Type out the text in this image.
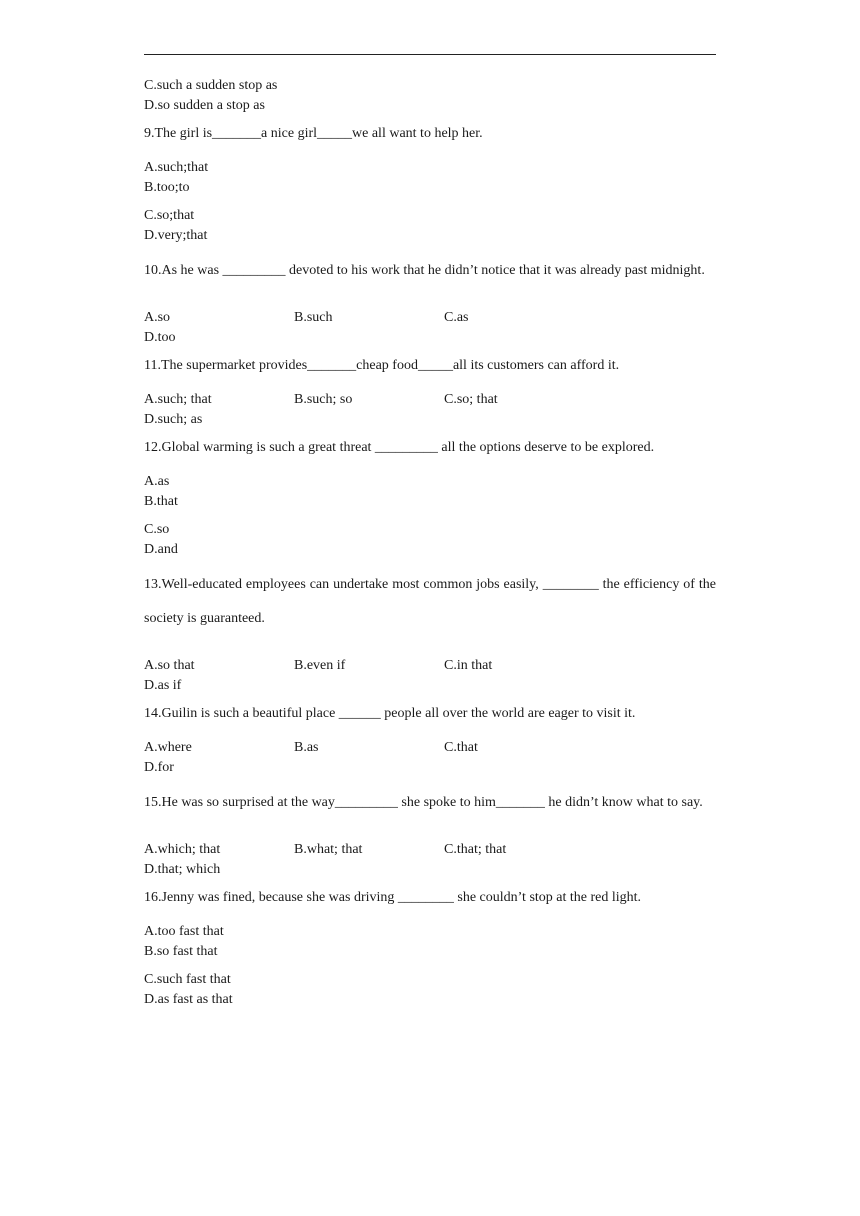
C.such a sudden stop as
D.so sudden a stop as

9.The girl is_______a nice girl_____we all want to help her.

A.such;that
B.too;to
C.so;that
D.very;that

10.As he was _________ devoted to his work that he didn’t notice that it was already past midnight.

A.so	B.such	C.as
D.too

11.The supermarket provides_______cheap food_____all its customers can afford it.

A.such; that	B.such; so	C.so; that
D.such; as

12.Global warming is such a great threat _________ all the options deserve to be explored.

A.as
B.that
C.so
D.and

13.Well-educated employees can undertake most common jobs easily, ________ the efficiency of the society is guaranteed.

A.so that	B.even if	C.in that
D.as if

14.Guilin is such a beautiful place ______ people all over the world are eager to visit it.

A.where	B.as	C.that
D.for

15.He was so surprised at the way_________ she spoke to him_______ he didn’t know what to say.

A.which; that	B.what; that	C.that; that
D.that; which

16.Jenny was fined, because she was driving ________ she couldn’t stop at the red light.

A.too fast that
B.so fast that
C.such fast that
D.as fast as that
